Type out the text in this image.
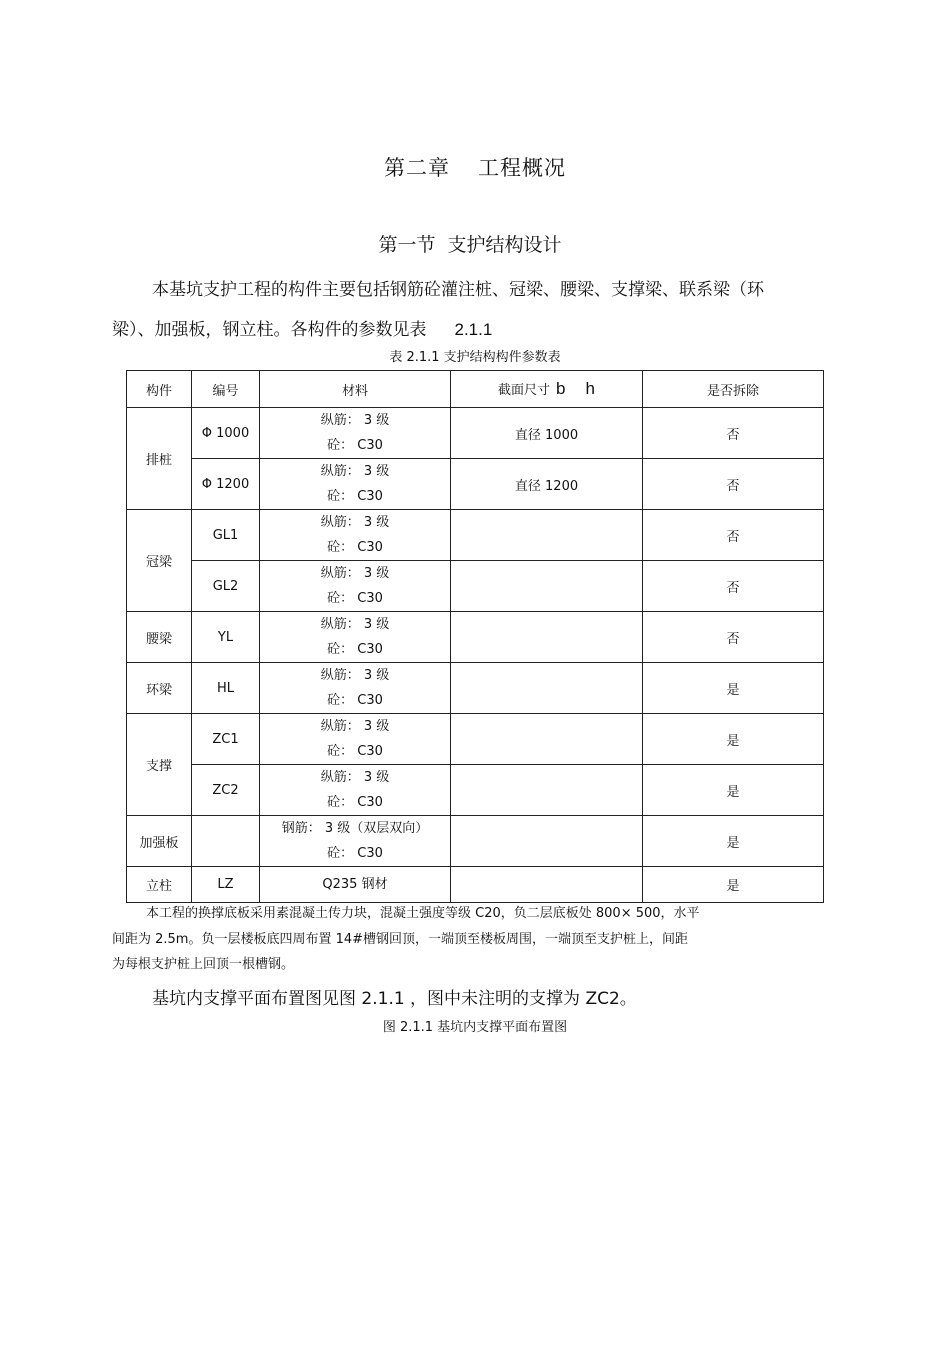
第二章 工程概况
第一节 支护结构设计
本基坑支护工程的构件主要包括钢筋砼灌注桩、冠梁、腰梁、支撑梁、联系梁（环
梁）、加强板，钢立柱。各构件的参数见表 2.1.1
表 2.1.1 支护结构构件参数表
构件	编号	材料	截面尺寸 b h	是否拆除
排桩	Φ 1000	纵筋： 3 级
砼： C30	直径 1000	否
	Φ 1200	纵筋： 3 级
砼： C30	直径 1200	否
冠梁	GL1	纵筋： 3 级
砼： C30		否
	GL2	纵筋： 3 级
砼： C30		否
腰梁	YL	纵筋： 3 级
砼： C30		否
环梁	HL	纵筋： 3 级
砼： C30		是
支撑	ZC1	纵筋： 3 级
砼： C30		是
	ZC2	纵筋： 3 级
砼： C30		是
加强板		钢筋： 3 级（双层双向）
砼： C30		是
立柱	LZ	Q235 钢材		是
本工程的换撑底板采用素混凝土传力块，混凝土强度等级 C20，负二层底板处 800× 500，水平
间距为 2.5m。负一层楼板底四周布置 14#槽钢回顶，一端顶至楼板周围，一端顶至支护桩上，间距
为每根支护桩上回顶一根槽钢。
基坑内支撑平面布置图见图 2.1.1 ，图中未注明的支撑为 ZC2。
图 2.1.1 基坑内支撑平面布置图
